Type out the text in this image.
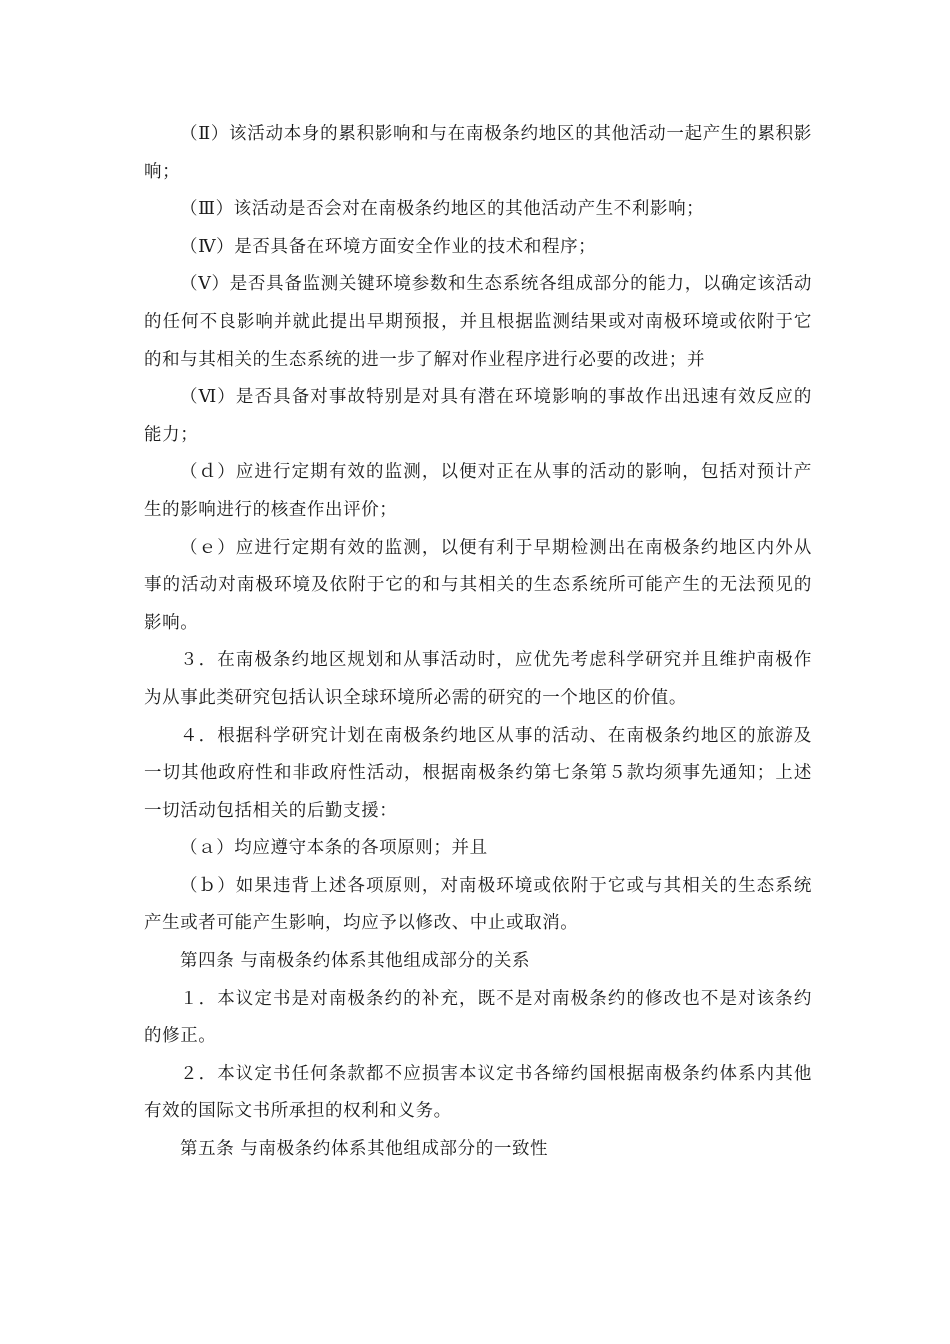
（Ⅱ）该活动本身的累积影响和与在南极条约地区的其他活动一起产生的累积影响；

（Ⅲ）该活动是否会对在南极条约地区的其他活动产生不利影响；

（Ⅳ）是否具备在环境方面安全作业的技术和程序；

（Ⅴ）是否具备监测关键环境参数和生态系统各组成部分的能力，以确定该活动的任何不良影响并就此提出早期预报，并且根据监测结果或对南极环境或依附于它的和与其相关的生态系统的进一步了解对作业程序进行必要的改进；并

（Ⅵ）是否具备对事故特别是对具有潜在环境影响的事故作出迅速有效反应的能力；

（ｄ）应进行定期有效的监测，以便对正在从事的活动的影响，包括对预计产生的影响进行的核查作出评价；

（ｅ）应进行定期有效的监测，以便有利于早期检测出在南极条约地区内外从事的活动对南极环境及依附于它的和与其相关的生态系统所可能产生的无法预见的影响。

３．在南极条约地区规划和从事活动时，应优先考虑科学研究并且维护南极作为从事此类研究包括认识全球环境所必需的研究的一个地区的价值。

４．根据科学研究计划在南极条约地区从事的活动、在南极条约地区的旅游及一切其他政府性和非政府性活动，根据南极条约第七条第５款均须事先通知；上述一切活动包括相关的后勤支援：

（ａ）均应遵守本条的各项原则；并且

（ｂ）如果违背上述各项原则，对南极环境或依附于它或与其相关的生态系统产生或者可能产生影响，均应予以修改、中止或取消。

第四条 与南极条约体系其他组成部分的关系

１．本议定书是对南极条约的补充，既不是对南极条约的修改也不是对该条约的修正。

２．本议定书任何条款都不应损害本议定书各缔约国根据南极条约体系内其他有效的国际文书所承担的权利和义务。

第五条 与南极条约体系其他组成部分的一致性
